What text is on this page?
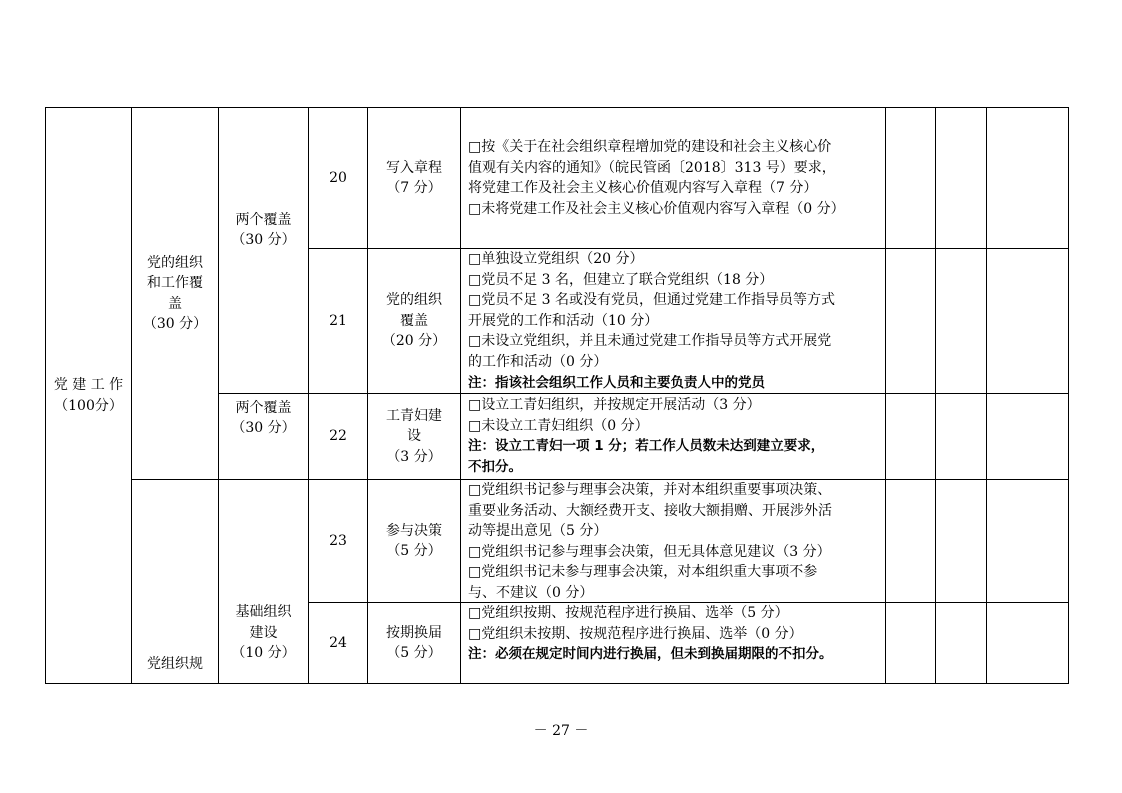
党 建 工 作
（100分）
党的组织
和工作覆
盖
（30 分）
党组织规
两个覆盖
（30 分）
两个覆盖
（30 分）
基础组织
建设
（10 分）
20
写入章程
（7 分）
□按《关于在社会组织章程增加党的建设和社会主义核心价
值观有关内容的通知》（皖民管函〔2018〕313 号）要求，
将党建工作及社会主义核心价值观内容写入章程（7 分）
□未将党建工作及社会主义核心价值观内容写入章程（0 分）
21
党的组织
覆盖
（20 分）
□单独设立党组织（20 分）
□党员不足 3 名，但建立了联合党组织（18 分）
□党员不足 3 名或没有党员，但通过党建工作指导员等方式
开展党的工作和活动（10 分）
□未设立党组织，并且未通过党建工作指导员等方式开展党
的工作和活动（0 分）
注：指该社会组织工作人员和主要负责人中的党员
22
工青妇建
设
（3 分）
□设立工青妇组织，并按规定开展活动（3 分）
□未设立工青妇组织（0 分）
注：设立工青妇一项 1 分；若工作人员数未达到建立要求，
不扣分。
23
参与决策
（5 分）
□党组织书记参与理事会决策，并对本组织重要事项决策、
重要业务活动、大额经费开支、接收大额捐赠、开展涉外活
动等提出意见（5 分）
□党组织书记参与理事会决策，但无具体意见建议（3 分）
□党组织书记未参与理事会决策，对本组织重大事项不参
与、不建议（0 分）
24
按期换届
（5 分）
□党组织按期、按规范程序进行换届、选举（5 分）
□党组织未按期、按规范程序进行换届、选举（0 分）
注：必须在规定时间内进行换届，但未到换届期限的不扣分。
－ 27 －
